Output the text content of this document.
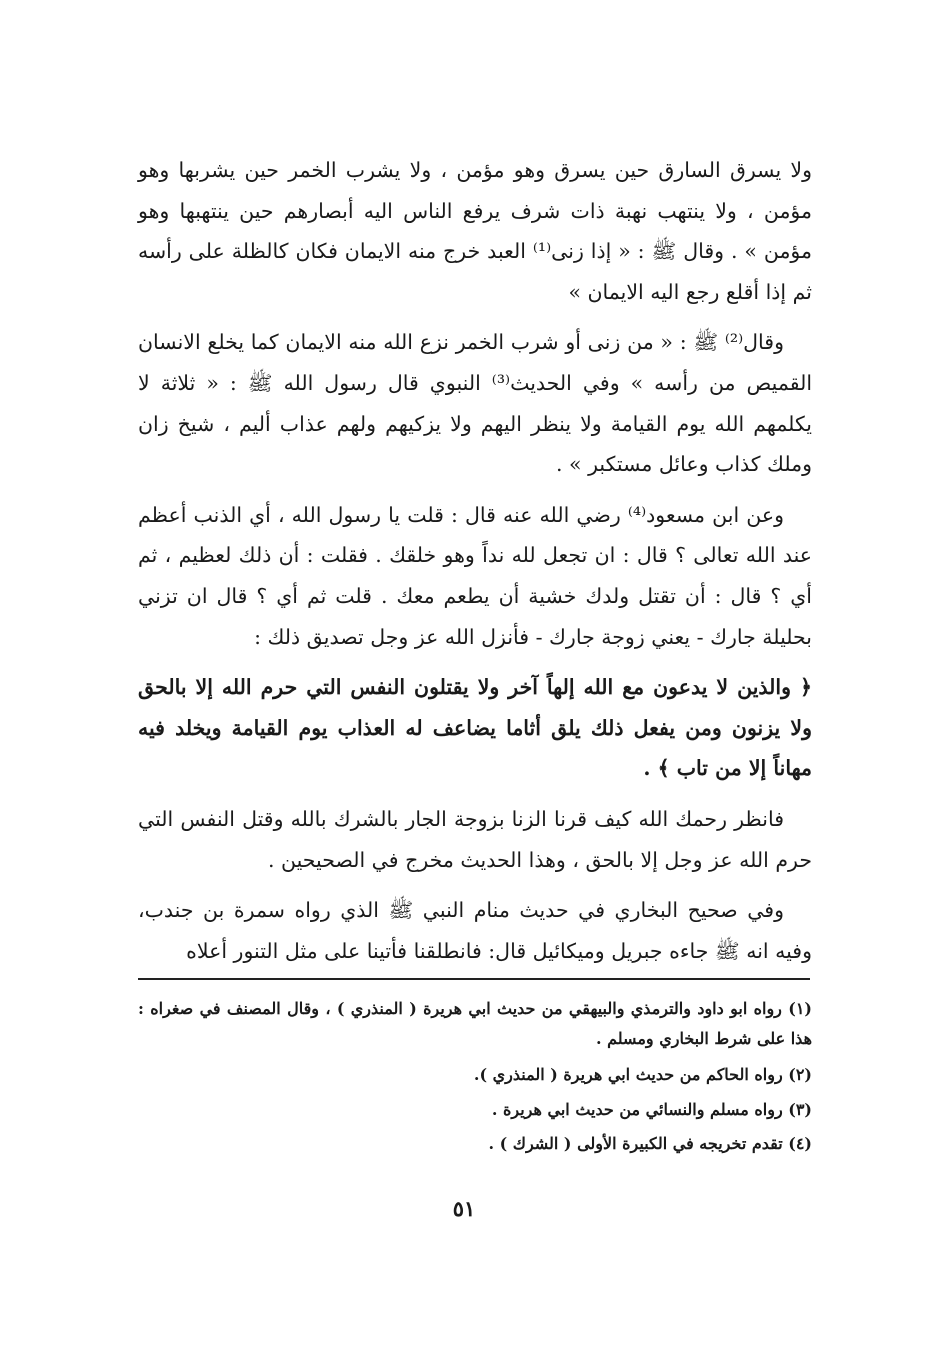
ولا يسرق السارق حين يسرق وهو مؤمن ، ولا يشرب الخمر حين يشربها وهو مؤمن ، ولا ينتهب نهبة ذات شرف يرفع الناس اليه أبصارهم حين ينتهبها وهو مؤمن » . وقال ﷺ : « إذا زنى⁽¹⁾ العبد خرج منه الايمان فكان كالظلة على رأسه ثم إذا أقلع رجع اليه الايمان »

وقال⁽²⁾ ﷺ : « من زنى أو شرب الخمر نزع الله منه الايمان كما يخلع الانسان القميص من رأسه » وفي الحديث⁽³⁾ النبوي قال رسول الله ﷺ : « ثلاثة لا يكلمهم الله يوم القيامة ولا ينظر اليهم ولا يزكيهم ولهم عذاب أليم ، شيخ زان وملك كذاب وعائل مستكبر » .

وعن ابن مسعود⁽⁴⁾ رضي الله عنه قال : قلت يا رسول الله ، أي الذنب أعظم عند الله تعالى ؟ قال : ان تجعل لله نداً وهو خلقك . فقلت : أن ذلك لعظيم ، ثم أي ؟ قال : أن تقتل ولدك خشية أن يطعم معك . قلت ثم أي ؟ قال ان تزني بحليلة جارك - يعني زوجة جارك - فأنزل الله عز وجل تصديق ذلك :

﴿ والذين لا يدعون مع الله إلهاً آخر ولا يقتلون النفس التي حرم الله إلا بالحق ولا يزنون ومن يفعل ذلك يلق أثاما يضاعف له العذاب يوم القيامة ويخلد فيه مهاناً إلا من تاب ﴾ .

فانظر رحمك الله كيف قرنا الزنا بزوجة الجار بالشرك بالله وقتل النفس التي حرم الله عز وجل إلا بالحق ، وهذا الحديث مخرج في الصحيحين .

وفي صحيح البخاري في حديث منام النبي ﷺ الذي رواه سمرة بن جندب، وفيه انه ﷺ جاءه جبريل وميكائيل قال: فانطلقنا فأتينا على مثل التنور أعلاه

(١) رواه ابو داود والترمذي والبيهقي من حديث ابي هريرة ( المنذري ) ، وقال المصنف في صغراه : هذا على شرط البخاري ومسلم .

(٢) رواه الحاكم من حديث ابي هريرة ( المنذري ).

(٣) رواه مسلم والنسائي من حديث ابي هريرة .

(٤) تقدم تخريجه في الكبيرة الأولى ( الشرك ) .

٥١
